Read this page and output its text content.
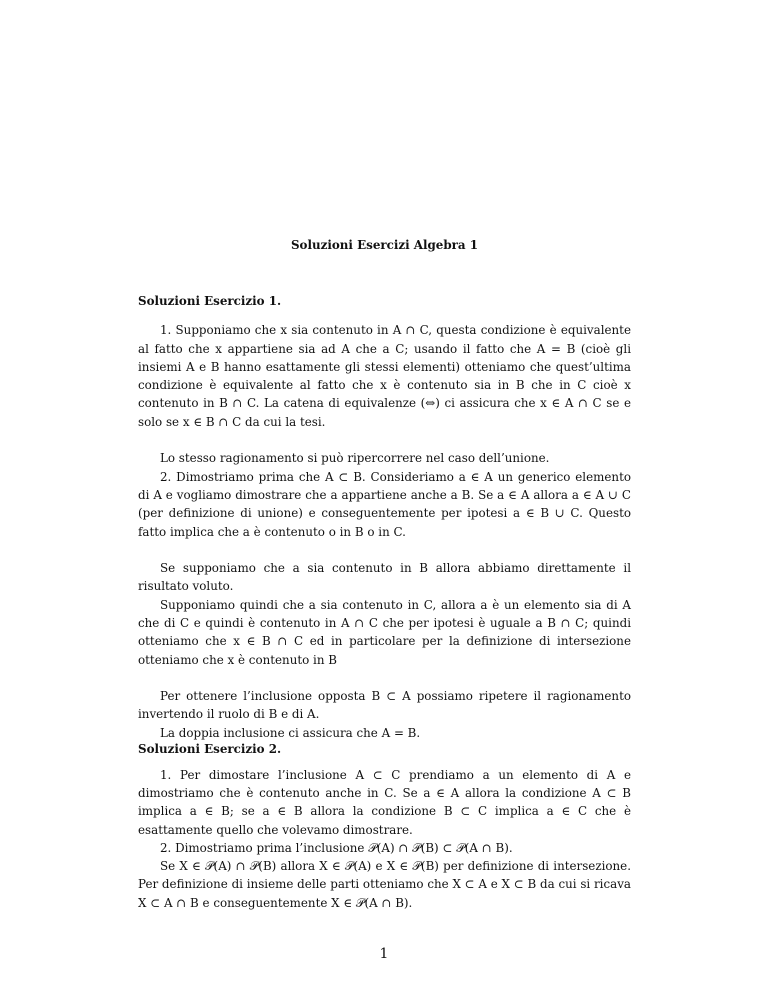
Soluzioni Esercizi Algebra 1
Soluzioni Esercizio 1.

1. Supponiamo che x sia contenuto in A ∩ C, questa condizione è equivalente al fatto che x appartiene sia ad A che a C; usando il fatto che A = B (cioè gli insiemi A e B hanno esattamente gli stessi elementi) otteniamo che quest’ultima condizione è equivalente al fatto che x è contenuto sia in B che in C cioè x contenuto in B ∩ C. La catena di equivalenze (⇔) ci assicura che x ∈ A ∩ C se e solo se x ∈ B ∩ C da cui la tesi.

Lo stesso ragionamento si può ripercorrere nel caso dell’unione.

2. Dimostriamo prima che A ⊂ B. Consideriamo a ∈ A un generico elemento di A e vogliamo dimostrare che a appartiene anche a B. Se a ∈ A allora a ∈ A ∪ C (per definizione di unione) e conseguentemente per ipotesi a ∈ B ∪ C. Questo fatto implica che a è contenuto o in B o in C.

Se supponiamo che a sia contenuto in B allora abbiamo direttamente il risultato voluto.

Supponiamo quindi che a sia contenuto in C, allora a è un elemento sia di A che di C e quindi è contenuto in A ∩ C che per ipotesi è uguale a B ∩ C; quindi otteniamo che x ∈ B ∩ C ed in particolare per la definizione di intersezione otteniamo che x è contenuto in B

Per ottenere l’inclusione opposta B ⊂ A possiamo ripetere il ragionamento invertendo il ruolo di B e di A.

La doppia inclusione ci assicura che A = B.

Soluzioni Esercizio 2.

1. Per dimostare l’inclusione A ⊂ C prendiamo a un elemento di A e dimostriamo che è contenuto anche in C. Se a ∈ A allora la condizione A ⊂ B implica a ∈ B; se a ∈ B allora la condizione B ⊂ C implica a ∈ C che è esattamente quello che volevamo dimostrare.

2. Dimostriamo prima l’inclusione 𝒫(A) ∩ 𝒫(B) ⊂ 𝒫(A ∩ B).

Se X ∈ 𝒫(A) ∩ 𝒫(B) allora X ∈ 𝒫(A) e X ∈ 𝒫(B) per definizione di intersezione. Per definizione di insieme delle parti otteniamo che X ⊂ A e X ⊂ B da cui si ricava X ⊂ A ∩ B e conseguentemente X ∈ 𝒫(A ∩ B).

1
